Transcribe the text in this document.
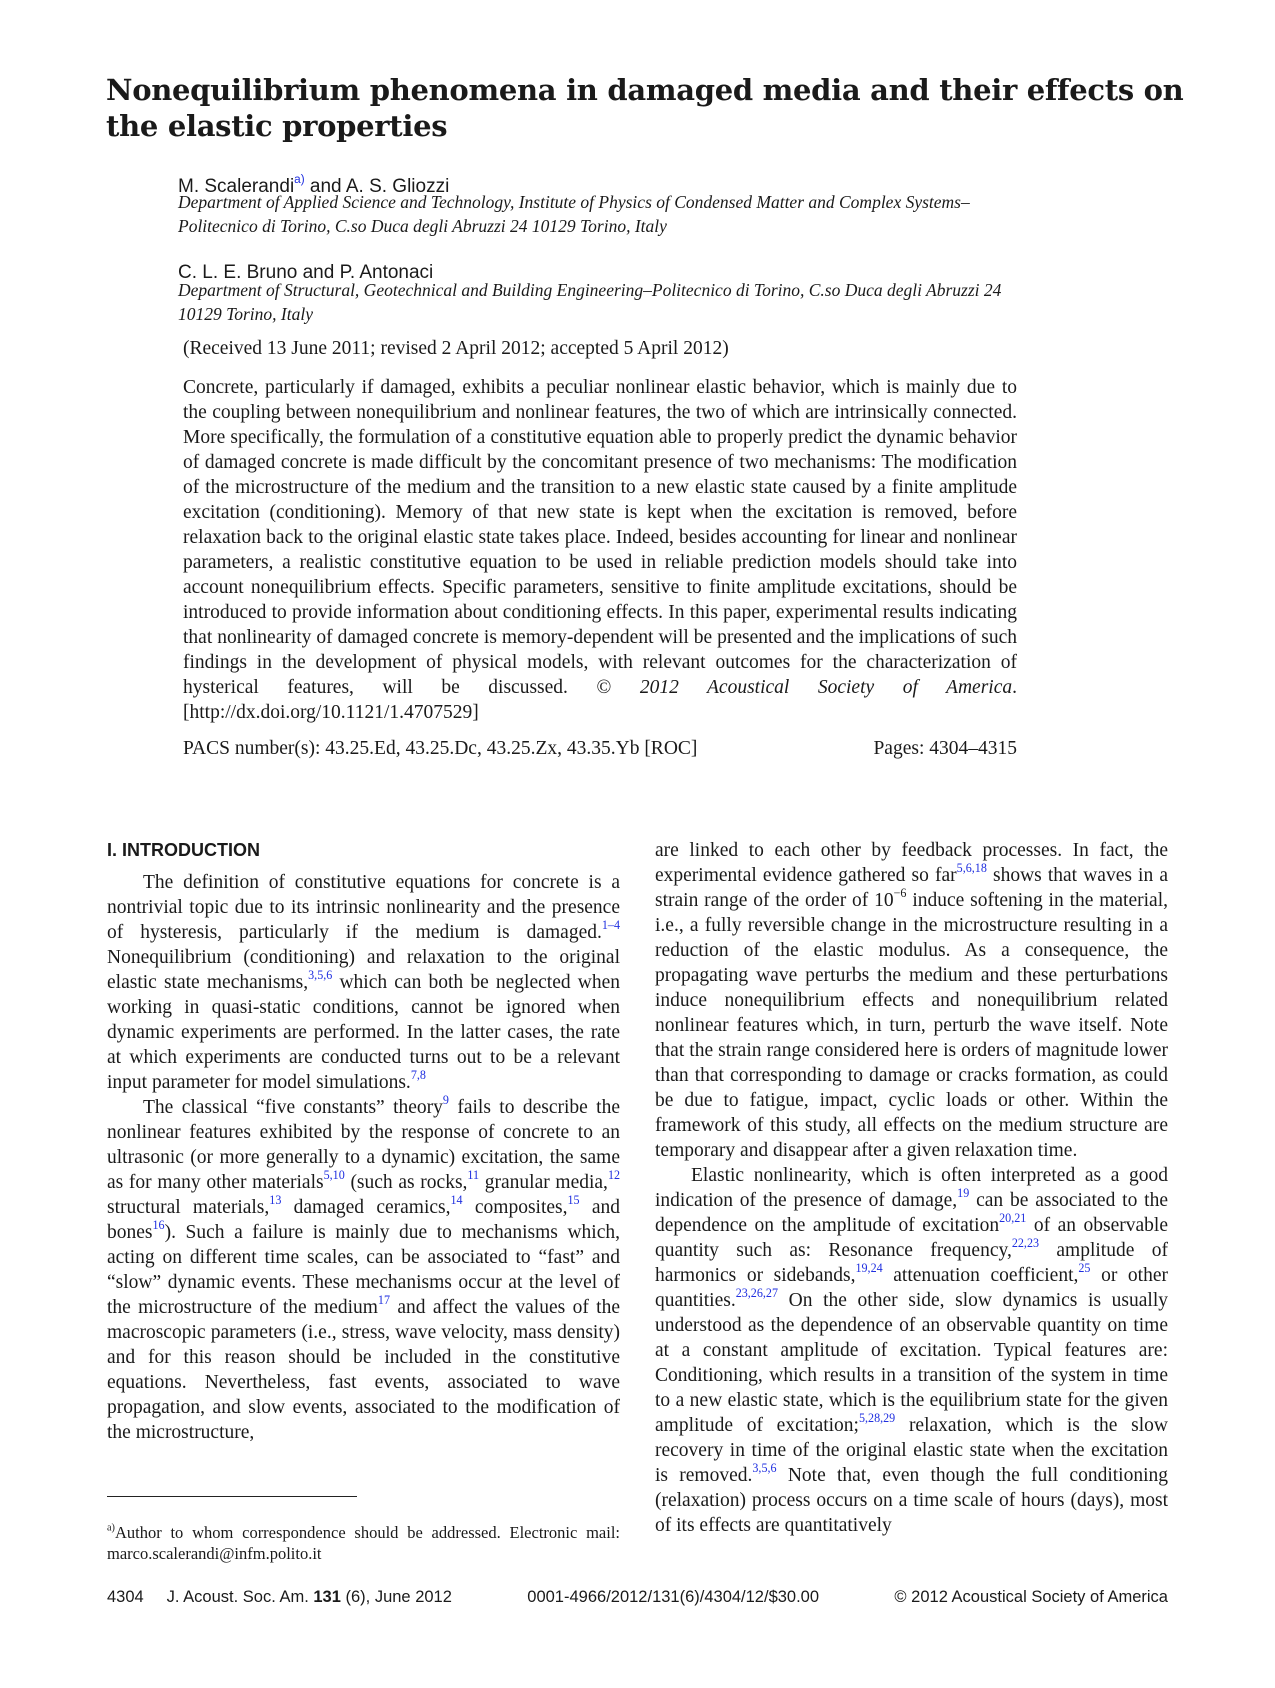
Nonequilibrium phenomena in damaged media and their effects on the elastic properties
M. Scalerandi$^{a)}$ and A. S. Gliozzi
Department of Applied Science and Technology, Institute of Physics of Condensed Matter and Complex Systems–Politecnico di Torino, C.so Duca degli Abruzzi 24 10129 Torino, Italy
C. L. E. Bruno and P. Antonaci
Department of Structural, Geotechnical and Building Engineering–Politecnico di Torino, C.so Duca degli Abruzzi 24 10129 Torino, Italy
(Received 13 June 2011; revised 2 April 2012; accepted 5 April 2012)
Concrete, particularly if damaged, exhibits a peculiar nonlinear elastic behavior, which is mainly due to the coupling between nonequilibrium and nonlinear features, the two of which are intrinsically connected. More specifically, the formulation of a constitutive equation able to properly predict the dynamic behavior of damaged concrete is made difficult by the concomitant presence of two mechanisms: The modification of the microstructure of the medium and the transition to a new elastic state caused by a finite amplitude excitation (conditioning). Memory of that new state is kept when the excitation is removed, before relaxation back to the original elastic state takes place. Indeed, besides accounting for linear and nonlinear parameters, a realistic constitutive equation to be used in reliable prediction models should take into account nonequilibrium effects. Specific parameters, sensitive to finite amplitude excitations, should be introduced to provide information about conditioning effects. In this paper, experimental results indicating that nonlinearity of damaged concrete is memory-dependent will be presented and the implications of such findings in the development of physical models, with relevant outcomes for the characterization of hysterical features, will be discussed. © 2012 Acoustical Society of America. [http://dx.doi.org/10.1121/1.4707529]
PACS number(s): 43.25.Ed, 43.25.Dc, 43.25.Zx, 43.35.Yb [ROC]	Pages: 4304–4315

I. INTRODUCTION

The definition of constitutive equations for concrete is a nontrivial topic due to its intrinsic nonlinearity and the presence of hysteresis, particularly if the medium is damaged.$^{1-4}$ Nonequilibrium (conditioning) and relaxation to the original elastic state mechanisms,$^{3,5,6}$ which can both be neglected when working in quasi-static conditions, cannot be ignored when dynamic experiments are performed. In the latter cases, the rate at which experiments are conducted turns out to be a relevant input parameter for model simulations.$^{7,8}$

The classical “five constants” theory$^9$ fails to describe the nonlinear features exhibited by the response of concrete to an ultrasonic (or more generally to a dynamic) excitation, the same as for many other materials$^{5,10}$ (such as rocks,$^{11}$ granular media,$^{12}$ structural materials,$^{13}$ damaged ceramics,$^{14}$ composites,$^{15}$ and bones$^{16}$). Such a failure is mainly due to mechanisms which, acting on different time scales, can be associated to “fast” and “slow” dynamic events. These mechanisms occur at the level of the microstructure of the medium$^{17}$ and affect the values of the macroscopic parameters (i.e., stress, wave velocity, mass density) and for this reason should be included in the constitutive equations. Nevertheless, fast events, associated to wave propagation, and slow events, associated to the modification of the microstructure,

are linked to each other by feedback processes. In fact, the experimental evidence gathered so far$^{5,6,18}$ shows that waves in a strain range of the order of $10^{-6}$ induce softening in the material, i.e., a fully reversible change in the microstructure resulting in a reduction of the elastic modulus. As a consequence, the propagating wave perturbs the medium and these perturbations induce nonequilibrium effects and nonequilibrium related nonlinear features which, in turn, perturb the wave itself. Note that the strain range considered here is orders of magnitude lower than that corresponding to damage or cracks formation, as could be due to fatigue, impact, cyclic loads or other. Within the framework of this study, all effects on the medium structure are temporary and disappear after a given relaxation time.

Elastic nonlinearity, which is often interpreted as a good indication of the presence of damage,$^{19}$ can be associated to the dependence on the amplitude of excitation$^{20,21}$ of an observable quantity such as: Resonance frequency,$^{22,23}$ amplitude of harmonics or sidebands,$^{19,24}$ attenuation coefficient,$^{25}$ or other quantities.$^{23,26,27}$ On the other side, slow dynamics is usually understood as the dependence of an observable quantity on time at a constant amplitude of excitation. Typical features are: Conditioning, which results in a transition of the system in time to a new elastic state, which is the equilibrium state for the given amplitude of excitation;$^{5,28,29}$ relaxation, which is the slow recovery in time of the original elastic state when the excitation is removed.$^{3,5,6}$ Note that, even though the full conditioning (relaxation) process occurs on a time scale of hours (days), most of its effects are quantitatively

$^{a)}$Author to whom correspondence should be addressed. Electronic mail: marco.scalerandi@infm.polito.it
4304 J. Acoust. Soc. Am. 131 (6), June 2012	0001-4966/2012/131(6)/4304/12/$30.00	© 2012 Acoustical Society of America
